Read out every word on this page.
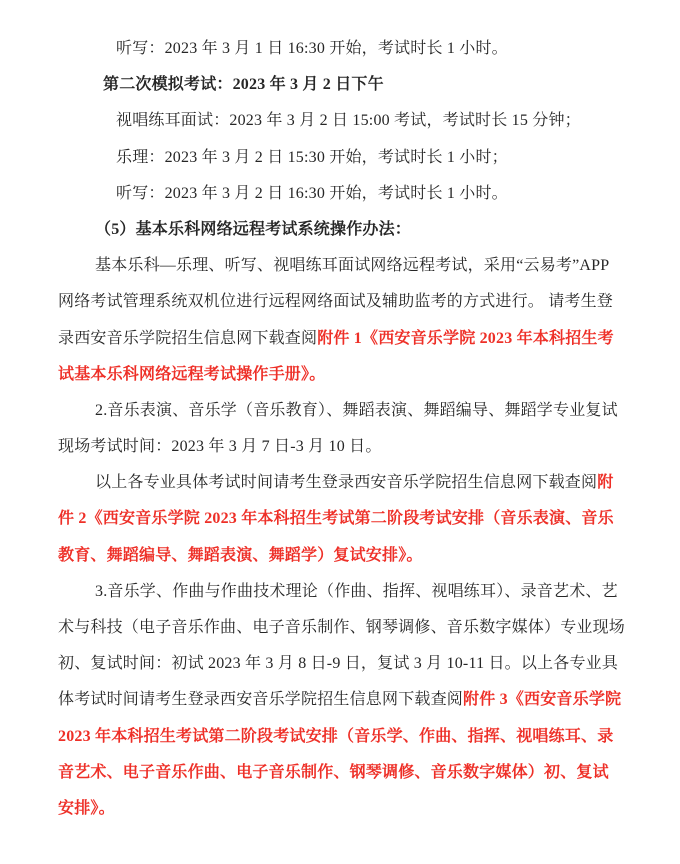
听写：2023 年 3 月 1 日 16:30 开始，考试时长 1 小时。
第二次模拟考试：2023 年 3 月 2 日下午
视唱练耳面试：2023 年 3 月 2 日 15:00 考试，考试时长 15 分钟；
乐理：2023 年 3 月 2 日 15:30 开始，考试时长 1 小时；
听写：2023 年 3 月 2 日 16:30 开始，考试时长 1 小时。
（5）基本乐科网络远程考试系统操作办法：
基本乐科—乐理、听写、视唱练耳面试网络远程考试，采用“云易考”APP
网络考试管理系统双机位进行远程网络面试及辅助监考的方式进行。 请考生登
录西安音乐学院招生信息网下载查阅附件 1《西安音乐学院 2023 年本科招生考
试基本乐科网络远程考试操作手册》。
2.音乐表演、音乐学（音乐教育）、舞蹈表演、舞蹈编导、舞蹈学专业复试
现场考试时间：2023 年 3 月 7 日-3 月 10 日。
以上各专业具体考试时间请考生登录西安音乐学院招生信息网下载查阅附
件 2《西安音乐学院 2023 年本科招生考试第二阶段考试安排（音乐表演、音乐
教育、舞蹈编导、舞蹈表演、舞蹈学）复试安排》。
3.音乐学、作曲与作曲技术理论（作曲、指挥、视唱练耳）、录音艺术、艺
术与科技（电子音乐作曲、电子音乐制作、钢琴调修、音乐数字媒体）专业现场
初、复试时间：初试 2023 年 3 月 8 日-9 日，复试 3 月 10-11 日。以上各专业具
体考试时间请考生登录西安音乐学院招生信息网下载查阅附件 3《西安音乐学院
2023 年本科招生考试第二阶段考试安排（音乐学、作曲、指挥、视唱练耳、录
音艺术、电子音乐作曲、电子音乐制作、钢琴调修、音乐数字媒体）初、复试
安排》。
